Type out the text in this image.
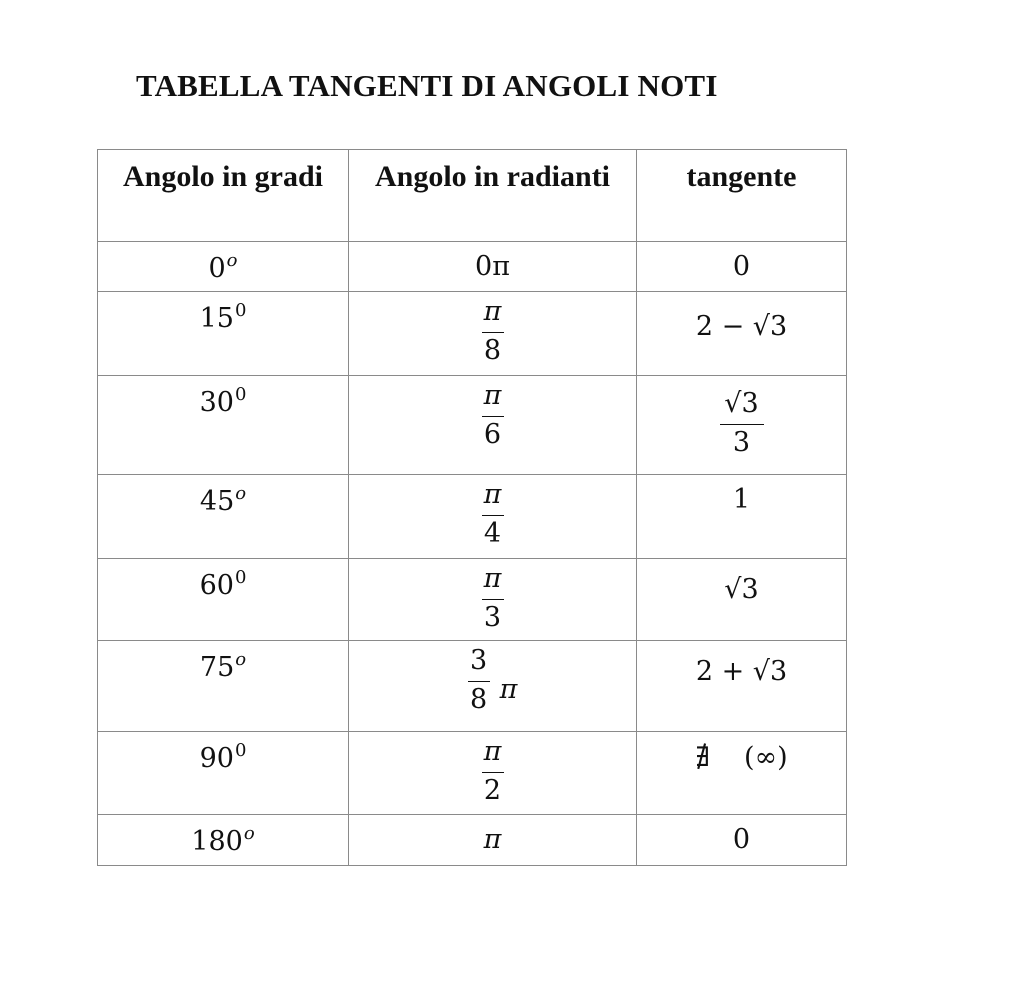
TABELLA TANGENTI DI ANGOLI NOTI
Angolo in gradi	Angolo in radianti	tangente
0$^o$	0π	0
$15^0$	$\frac{\pi}{8}$	2 − √3
$30^0$	$\frac{\pi}{6}$	$\frac{√3}{3}$

45$^o$	$\frac{\pi}{4}$	1
$60^0$	$\frac{\pi}{3}$	√3
75$^o$	$\frac{3}{8}$ π	2 + √3
$90^0$	$\frac{\pi}{2}$	∄ (∞)
180$^o$	π	0
